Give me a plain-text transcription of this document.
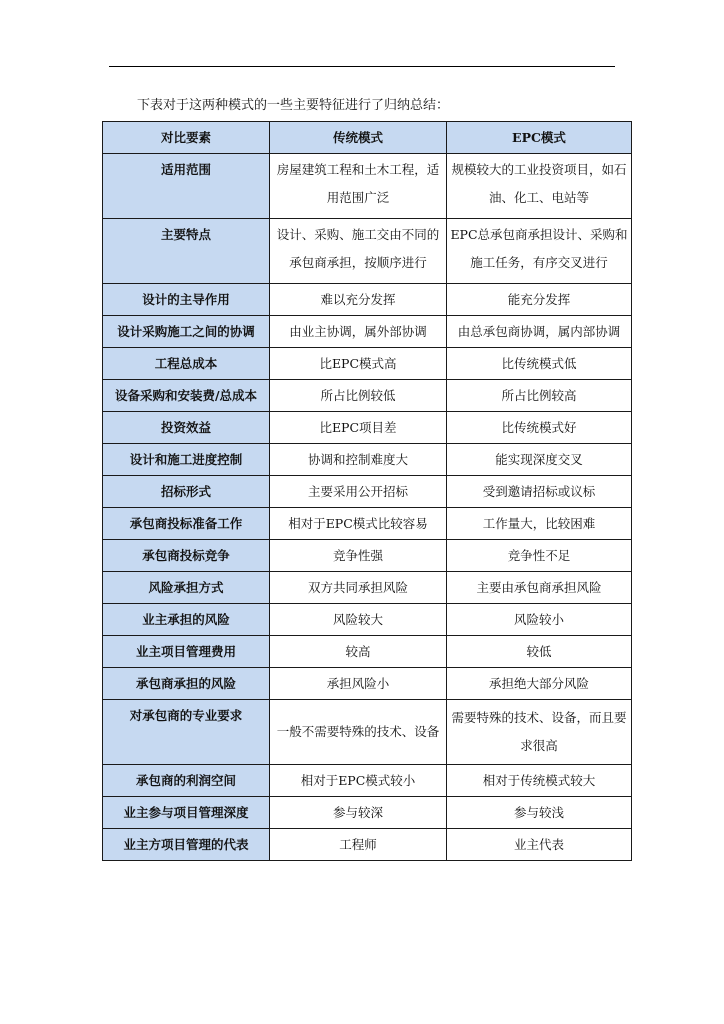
下表对于这两种模式的一些主要特征进行了归纳总结：
对比要素	传统模式	EPC模式
适用范围	房屋建筑工程和土木工程，适用范围广泛	规模较大的工业投资项目，如石油、化工、电站等
主要特点	设计、采购、施工交由不同的承包商承担，按顺序进行	EPC总承包商承担设计、采购和施工任务，有序交叉进行
设计的主导作用	难以充分发挥	能充分发挥
设计采购施工之间的协调	由业主协调，属外部协调	由总承包商协调，属内部协调
工程总成本	比EPC模式高	比传统模式低
设备采购和安装费/总成本	所占比例较低	所占比例较高
投资效益	比EPC项目差	比传统模式好
设计和施工进度控制	协调和控制难度大	能实现深度交叉
招标形式	主要采用公开招标	受到邀请招标或议标
承包商投标准备工作	相对于EPC模式比较容易	工作量大，比较困难
承包商投标竞争	竞争性强	竞争性不足
风险承担方式	双方共同承担风险	主要由承包商承担风险
业主承担的风险	风险较大	风险较小
业主项目管理费用	较高	较低
承包商承担的风险	承担风险小	承担绝大部分风险
对承包商的专业要求	一般不需要特殊的技术、设备	需要特殊的技术、设备，而且要求很高
承包商的利润空间	相对于EPC模式较小	相对于传统模式较大
业主参与项目管理深度	参与较深	参与较浅
业主方项目管理的代表	工程师	业主代表
